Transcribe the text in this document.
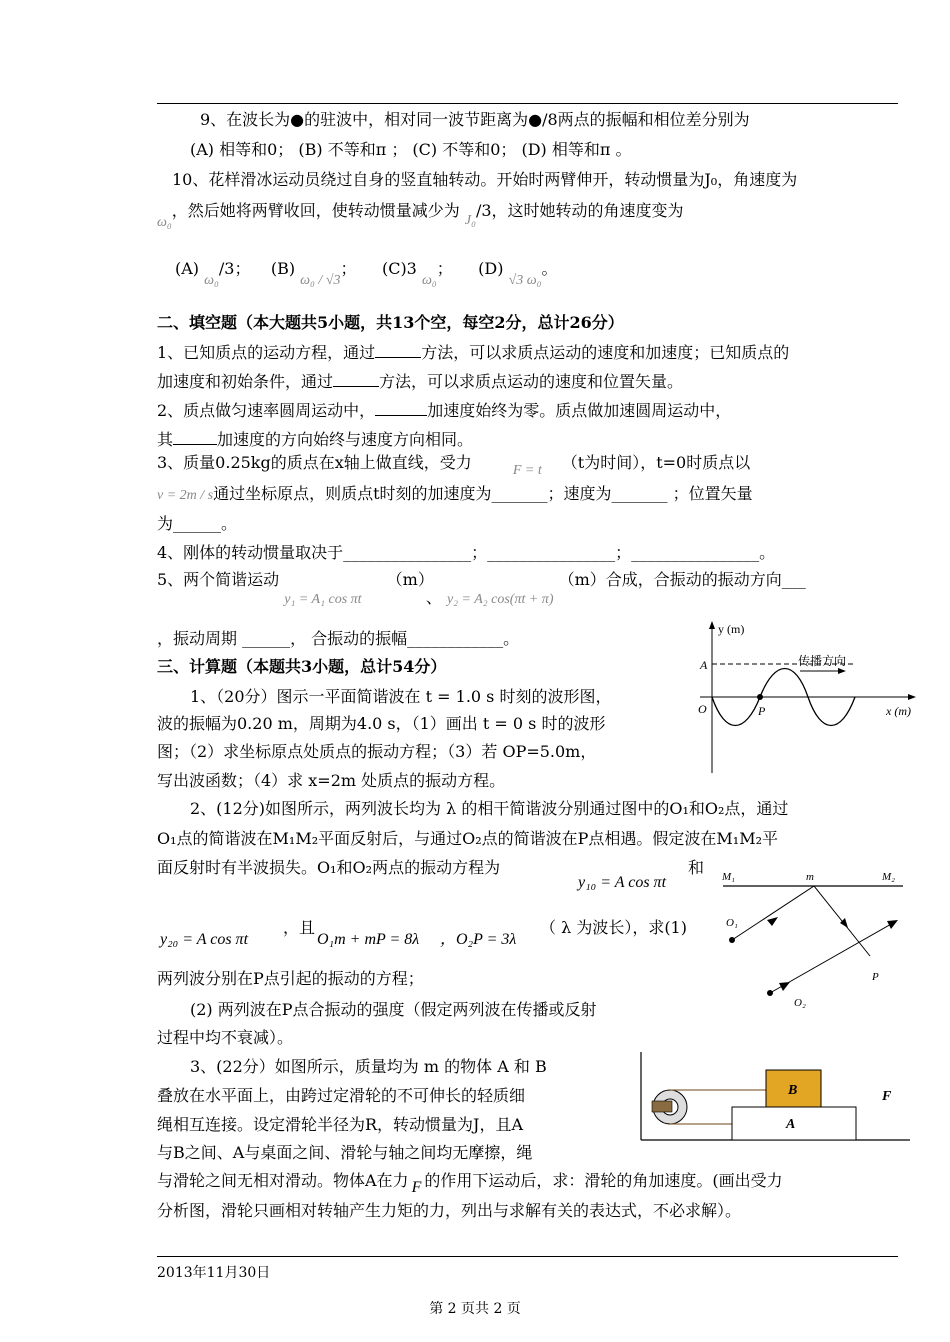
9、在波长为●的驻波中，相对同一波节距离为●/8两点的振幅和相位差分别为
(A) 相等和0； (B) 不等和π ； (C) 不等和0； (D) 相等和π 。
10、花样滑冰运动员绕过自身的竖直轴转动。开始时两臂伸开，转动惯量为J₀，角速度为
ω₀，然后她将两臂收回，使转动惯量减少为 J₀/3，这时她转动的角速度变为
(A) ω₀/3； (B) ω₀ / √3； (C)3 ω₀； (D) √3 ω₀。
二、填空题（本大题共5小题，共13个空，每空2分，总计26分）
1、已知质点的运动方程，通过	方法，可以求质点运动的速度和加速度；已知质点的
加速度和初始条件，通过	方法，可以求质点运动的速度和位置矢量。
2、质点做匀速率圆周运动中，	加速度始终为零。质点做加速圆周运动中，
其	加速度的方向始终与速度方向相同。
3、质量0.25kg的质点在x轴上做直线，受力	F = t （t为时间），t=0时质点以
v = 2m / s通过坐标原点，则质点t时刻的加速度为_______；速度为_______ ；位置矢量
为______。
4、刚体的转动惯量取决于________________；________________；________________。
5、两个简谐运动 y₁ = A₁ cos πt （m）、 y₂ = A₂ cos(πt + π) （m）合成，合振动的振动方向___
，振动周期 ______， 合振动的振幅____________。
三、计算题（本题共3小题，总计54分）
1、（20分）图示一平面简谐波在 t = 1.0 s 时刻的波形图，
波的振幅为0.20 m，周期为4.0 s，（1）画出 t = 0 s 时的波形
图；（2）求坐标原点处质点的振动方程；（3）若 OP=5.0m，
写出波函数；（4）求 x=2m 处质点的振动方程。
y (m)
x (m)
A
O	P
传播方向
2、(12分)如图所示，两列波长均为 λ 的相干简谐波分别通过图中的O₁和O₂点，通过
O₁点的简谐波在M₁M₂平面反射后，与通过O₂点的简谐波在P点相遇。假定波在M₁M₂平
面反射时有半波损失。O₁和O₂两点的振动方程为
y₁₀ = A cos πt
和
y₂₀ = A cos πt
，且
O₁m + mP = 8λ ，O₂P = 3λ
（ λ 为波长），求(1)
两列波分别在P点引起的振动的方程；
(2) 两列波在P点合振动的强度（假定两列波在传播或反射
过程中均不衰减）。
M₁	m	M₂
O₁
O₂
P
3、(22分）如图所示，质量均为 m 的物体 A 和 B
叠放在水平面上，由跨过定滑轮的不可伸长的轻质细
绳相互连接。设定滑轮半径为R，转动惯量为J，且A
与B之间、A与桌面之间、滑轮与轴之间均无摩擦，绳
与滑轮之间无相对滑动。物体A在力 F 的作用下运动后，求：滑轮的角加速度。(画出受力
分析图，滑轮只画相对转轴产生力矩的力，列出与求解有关的表达式，不必求解）。
B
A
F
2013年11月30日
第 2 页共 2 页
